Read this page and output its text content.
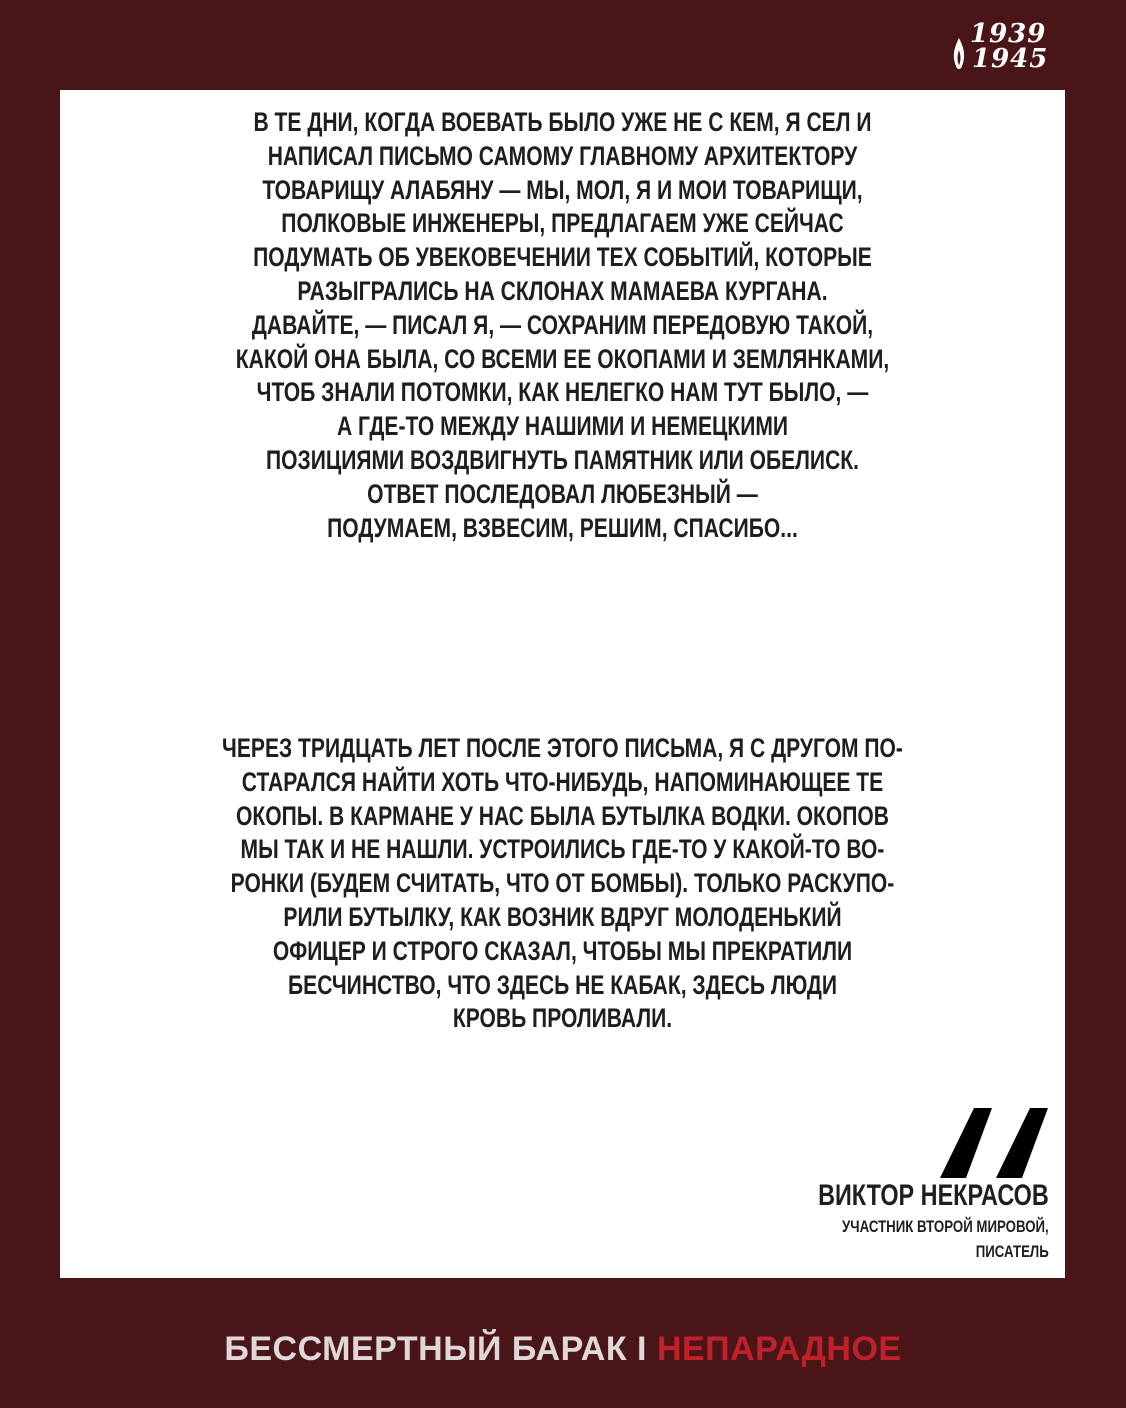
1939
1945
В ТЕ ДНИ, КОГДА ВОЕВАТЬ БЫЛО УЖЕ НЕ С КЕМ, Я СЕЛ И
НАПИСАЛ ПИСЬМО САМОМУ ГЛАВНОМУ АРХИТЕКТОРУ
ТОВАРИЩУ АЛАБЯНУ — МЫ, МОЛ, Я И МОИ ТОВАРИЩИ,
ПОЛКОВЫЕ ИНЖЕНЕРЫ, ПРЕДЛАГАЕМ УЖЕ СЕЙЧАС
ПОДУМАТЬ ОБ УВЕКОВЕЧЕНИИ ТЕХ СОБЫТИЙ, КОТОРЫЕ
РАЗЫГРАЛИСЬ НА СКЛОНАХ МАМАЕВА КУРГАНА.
ДАВАЙТЕ, — ПИСАЛ Я, — СОХРАНИМ ПЕРЕДОВУЮ ТАКОЙ,
КАКОЙ ОНА БЫЛА, СО ВСЕМИ ЕЕ ОКОПАМИ И ЗЕМЛЯНКАМИ,
ЧТОБ ЗНАЛИ ПОТОМКИ, КАК НЕЛЕГКО НАМ ТУТ БЫЛО, —
А ГДЕ-ТО МЕЖДУ НАШИМИ И НЕМЕЦКИМИ
ПОЗИЦИЯМИ ВОЗДВИГНУТЬ ПАМЯТНИК ИЛИ ОБЕЛИСК.
ОТВЕТ ПОСЛЕДОВАЛ ЛЮБЕЗНЫЙ —
ПОДУМАЕМ, ВЗВЕСИМ, РЕШИМ, СПАСИБО...
ЧЕРЕЗ ТРИДЦАТЬ ЛЕТ ПОСЛЕ ЭТОГО ПИСЬМА, Я С ДРУГОМ ПО-
СТАРАЛСЯ НАЙТИ ХОТЬ ЧТО-НИБУДЬ, НАПОМИНАЮЩЕЕ ТЕ
ОКОПЫ. В КАРМАНЕ У НАС БЫЛА БУТЫЛКА ВОДКИ. ОКОПОВ
МЫ ТАК И НЕ НАШЛИ. УСТРОИЛИСЬ ГДЕ-ТО У КАКОЙ-ТО ВО-
РОНКИ (БУДЕМ СЧИТАТЬ, ЧТО ОТ БОМБЫ). ТОЛЬКО РАСКУПО-
РИЛИ БУТЫЛКУ, КАК ВОЗНИК ВДРУГ МОЛОДЕНЬКИЙ
ОФИЦЕР И СТРОГО СКАЗАЛ, ЧТОБЫ МЫ ПРЕКРАТИЛИ
БЕСЧИНСТВО, ЧТО ЗДЕСЬ НЕ КАБАК, ЗДЕСЬ ЛЮДИ
КРОВЬ ПРОЛИВАЛИ.
ВИКТОР НЕКРАСОВ
УЧАСТНИК ВТОРОЙ МИРОВОЙ,
ПИСАТЕЛЬ
БЕССМЕРТНЫЙ БАРАК I НЕПАРАДНОЕ
